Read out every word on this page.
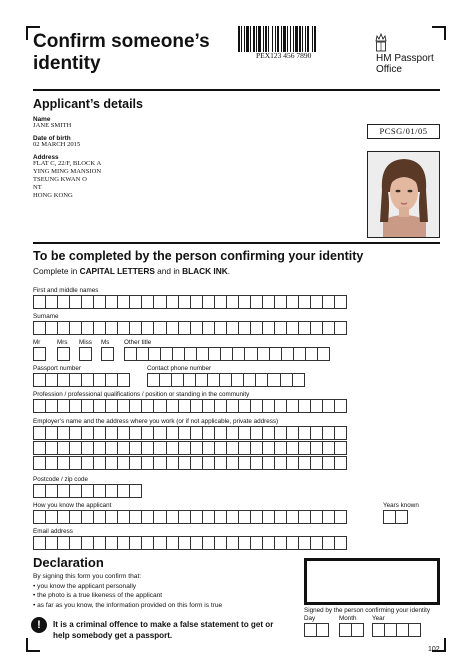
Confirm someone’s
identity	PEX123 456 7890	HM Passport
Office
Applicant’s details
Name
JANE SMITH
Date of birth
02 MARCH 2015
Address
FLAT C, 22/F, BLOCK A
YING MING MANSION
TSEUNG KWAN O
NT
HONG KONG
PCSG/01/05
To be completed by the person confirming your identity
Complete in CAPITAL LETTERS and in BLACK INK.
First and middle names
Surname
Mr	Mrs Miss Ms Other title
Passport number	Contact phone number
Profession / professional qualifications / position or standing in the community
Employer’s name and the address where you work (or if not applicable, private address)
Postcode / zip code
How you know the applicant	Years known
Email address
Declaration
By signing this form you confirm that:
• you know the applicant personally
• the photo is a true likeness of the applicant
• as far as you know, the information provided on this form is true
!	It is a criminal offence to make a false statement to get or
help somebody get a passport.
Signed by the person confirming your identity
Day	Month Year
102
